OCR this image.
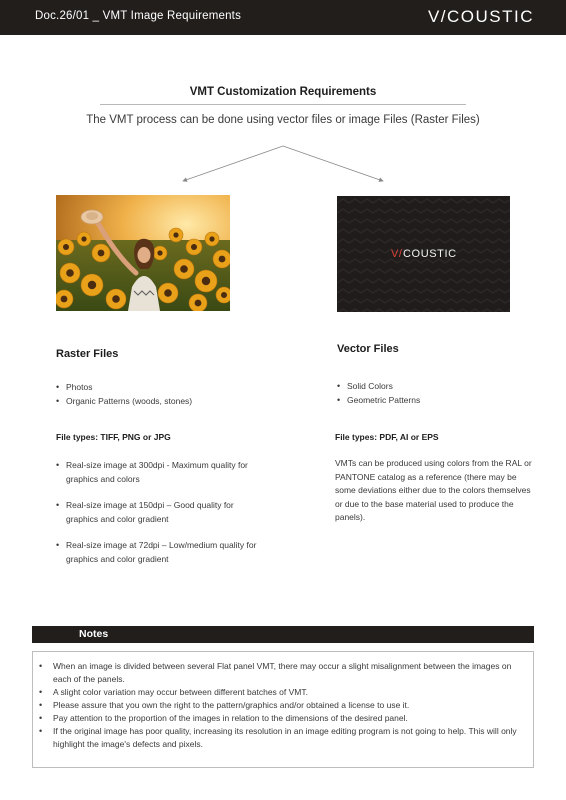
Doc.26/01 _ VMT Image Requirements	V/COUSTIC
VMT Customization Requirements
The VMT process can be done using vector files or image Files (Raster Files)
V/ COUSTIC
Raster Files
• Photos
• Organic Patterns (woods, stones)
File types: TIFF, PNG or JPG
• Real-size image at 300dpi - Maximum quality for graphics and colors
• Real-size image at 150dpi – Good quality for graphics and color gradient
• Real-size image at 72dpi – Low/medium quality for graphics and color gradient
Vector Files
• Solid Colors
• Geometric Patterns
File types: PDF, AI or EPS
VMTs can be produced using colors from the RAL or PANTONE catalog as a reference (there may be some deviations either due to the colors themselves or due to the base material used to produce the panels).
Notes
• When an image is divided between several Flat panel VMT, there may occur a slight misalignment between the images on each of the panels.
• A slight color variation may occur between different batches of VMT.
• Please assure that you own the right to the pattern/graphics and/or obtained a license to use it.
• Pay attention to the proportion of the images in relation to the dimensions of the desired panel.
• If the original image has poor quality, increasing its resolution in an image editing program is not going to help. This will only highlight the image's defects and pixels.
